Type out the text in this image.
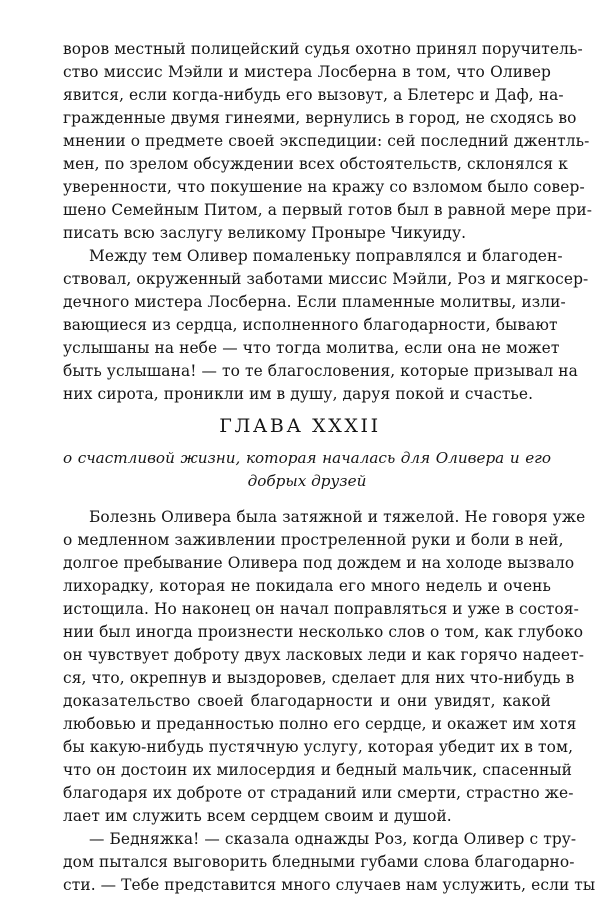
воров местный полицейский судья охотно принял поручитель-
ство миссис Мэйли и мистера Лосберна в том, что Оливер
явится, если когда-нибудь его вызовут, а Блетерс и Даф, на-
гражденные двумя гинеями, вернулись в город, не сходясь во
мнении о предмете своей экспедиции: сей последний джентль-
мен, по зрелом обсуждении всех обстоятельств, склонялся к
уверенности, что покушение на кражу со взломом было совер-
шено Семейным Питом, а первый готов был в равной мере при-
писать всю заслугу великому Проныре Чикуиду.
Между тем Оливер помаленьку поправлялся и благоден-
ствовал, окруженный заботами миссис Мэйли, Роз и мягкосер-
дечного мистера Лосберна. Если пламенные молитвы, изли-
вающиеся из сердца, исполненного благодарности, бывают
услышаны на небе — что тогда молитва, если она не может
быть услышана! — то те благословения, которые призывал на
них сирота, проникли им в душу, даруя покой и счастье.
ГЛАВА XXXII
о счастливой жизни, которая началась для Оливера и его
добрых друзей
Болезнь Оливера была затяжной и тяжелой. Не говоря уже
о медленном заживлении простреленной руки и боли в ней,
долгое пребывание Оливера под дождем и на холоде вызвало
лихорадку, которая не покидала его много недель и очень
истощила. Но наконец он начал поправляться и уже в состоя-
нии был иногда произнести несколько слов о том, как глубоко
он чувствует доброту двух ласковых леди и как горячо надеет-
ся, что, окрепнув и выздоровев, сделает для них что-нибудь в
доказательство своей благодарности и они увидят, какой
любовью и преданностью полно его сердце, и окажет им хотя
бы какую-нибудь пустячную услугу, которая убедит их в том,
что он достоин их милосердия и бедный мальчик, спасенный
благодаря их доброте от страданий или смерти, страстно же-
лает им служить всем сердцем своим и душой.
— Бедняжка! — сказала однажды Роз, когда Оливер с тру-
дом пытался выговорить бледными губами слова благодарно-
сти. — Тебе представится много случаев нам услужить, если ты
